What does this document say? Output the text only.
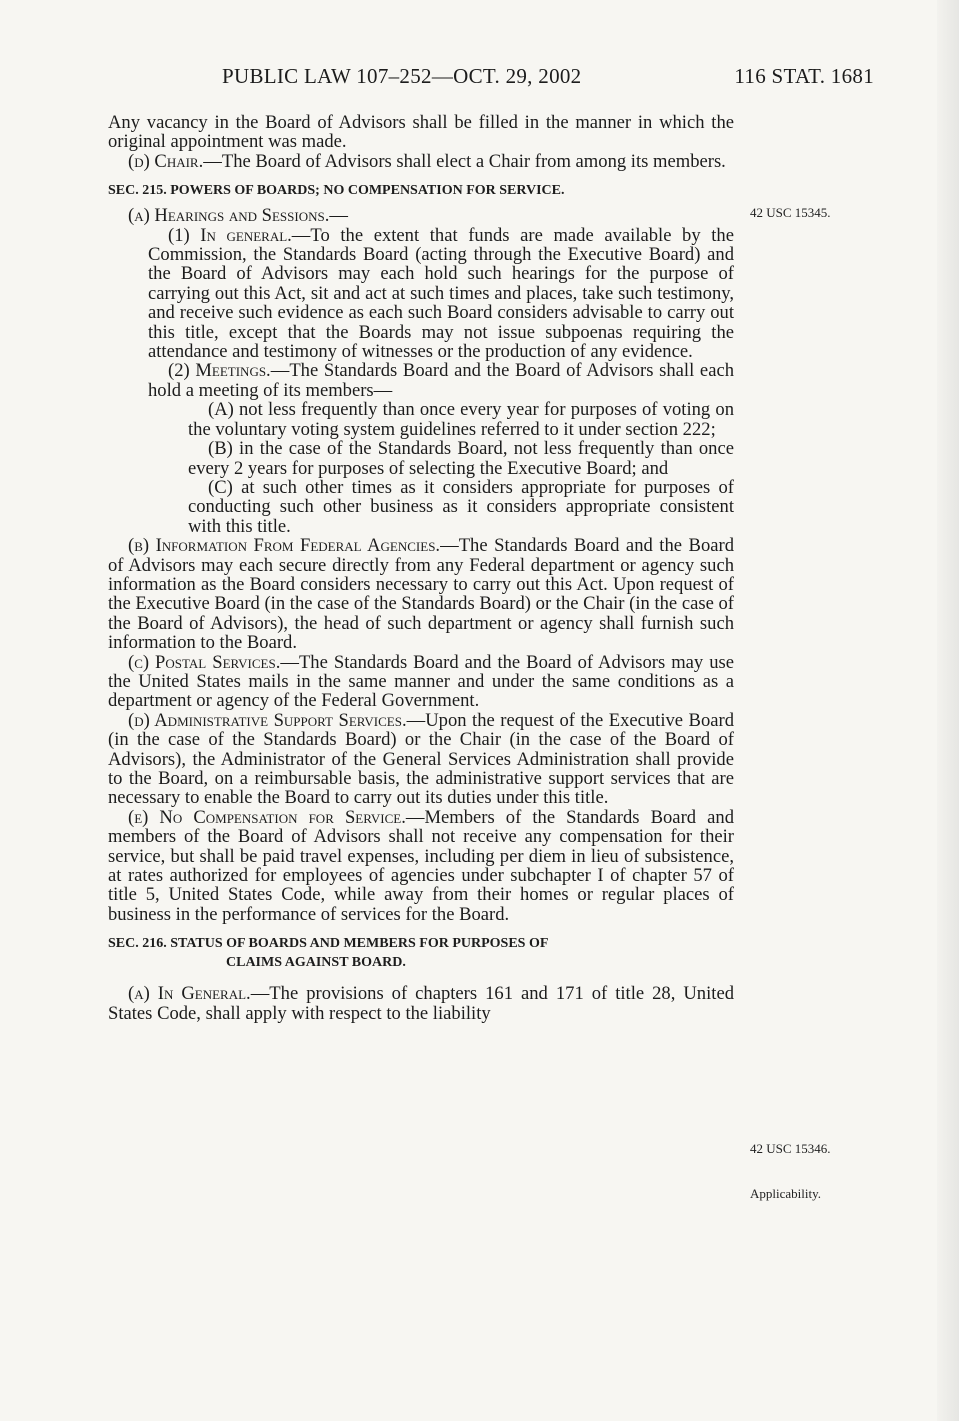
PUBLIC LAW 107–252—OCT. 29, 2002	116 STAT. 1681

Any vacancy in the Board of Advisors shall be filled in the manner in which the original appointment was made.

(d) Chair.—The Board of Advisors shall elect a Chair from among its members.

SEC. 215. POWERS OF BOARDS; NO COMPENSATION FOR SERVICE.

(a) Hearings and Sessions.—

(1) In general.—To the extent that funds are made available by the Commission, the Standards Board (acting through the Executive Board) and the Board of Advisors may each hold such hearings for the purpose of carrying out this Act, sit and act at such times and places, take such testimony, and receive such evidence as each such Board considers advisable to carry out this title, except that the Boards may not issue subpoenas requiring the attendance and testimony of witnesses or the production of any evidence.

(2) Meetings.—The Standards Board and the Board of Advisors shall each hold a meeting of its members—

(A) not less frequently than once every year for purposes of voting on the voluntary voting system guidelines referred to it under section 222;

(B) in the case of the Standards Board, not less frequently than once every 2 years for purposes of selecting the Executive Board; and

(C) at such other times as it considers appropriate for purposes of conducting such other business as it considers appropriate consistent with this title.

(b) Information From Federal Agencies.—The Standards Board and the Board of Advisors may each secure directly from any Federal department or agency such information as the Board considers necessary to carry out this Act. Upon request of the Executive Board (in the case of the Standards Board) or the Chair (in the case of the Board of Advisors), the head of such department or agency shall furnish such information to the Board.

(c) Postal Services.—The Standards Board and the Board of Advisors may use the United States mails in the same manner and under the same conditions as a department or agency of the Federal Government.

(d) Administrative Support Services.—Upon the request of the Executive Board (in the case of the Standards Board) or the Chair (in the case of the Board of Advisors), the Administrator of the General Services Administration shall provide to the Board, on a reimbursable basis, the administrative support services that are necessary to enable the Board to carry out its duties under this title.

(e) No Compensation for Service.—Members of the Standards Board and members of the Board of Advisors shall not receive any compensation for their service, but shall be paid travel expenses, including per diem in lieu of subsistence, at rates authorized for employees of agencies under subchapter I of chapter 57 of title 5, United States Code, while away from their homes or regular places of business in the performance of services for the Board.

SEC. 216. STATUS OF BOARDS AND MEMBERS FOR PURPOSES OF
CLAIMS AGAINST BOARD.

(a) In General.—The provisions of chapters 161 and 171 of title 28, United States Code, shall apply with respect to the liability

42 USC 15345.
42 USC 15346.
Applicability.
